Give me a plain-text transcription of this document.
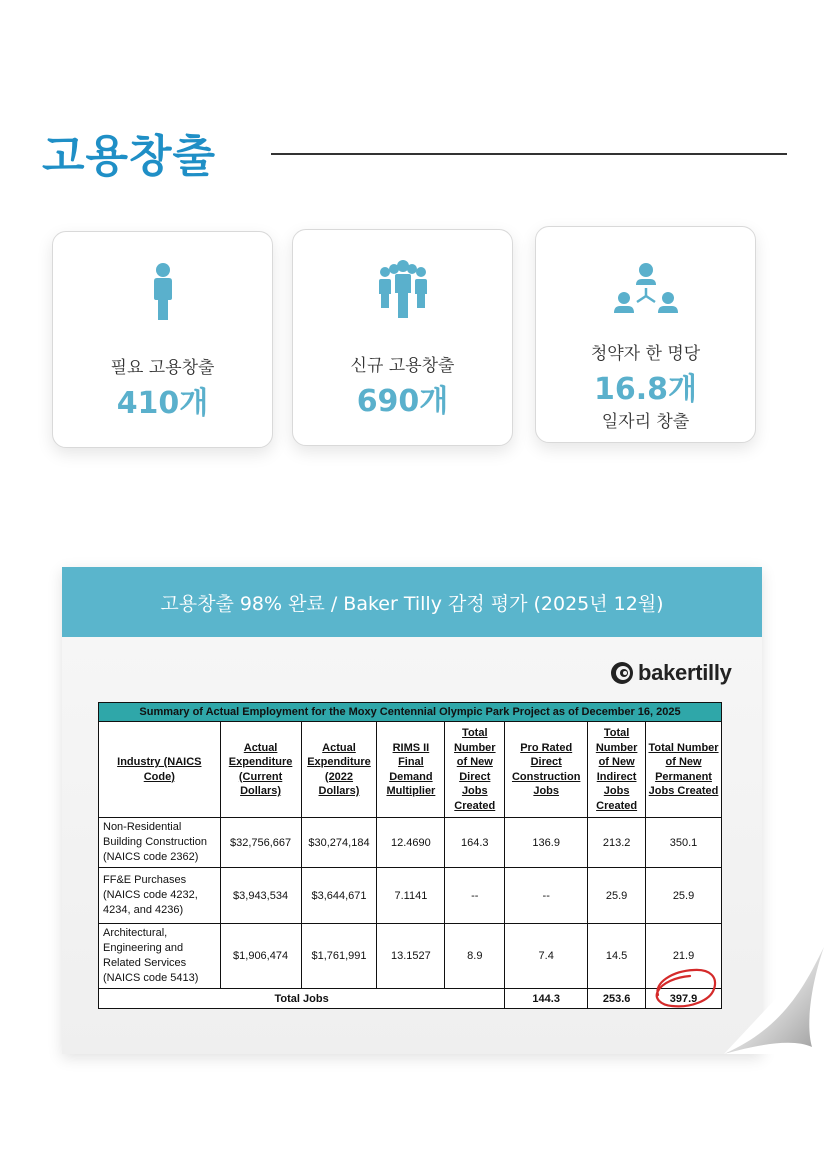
고용창출
필요 고용창출
410개
신규 고용창출
690개
청약자 한 명당
16.8개
일자리 창출
고용창출 98% 완료 / Baker Tilly 감정 평가 (2025년 12월)
bakertilly
Summary of Actual Employment for the Moxy Centennial Olympic Park Project as of December 16, 2025							
Industry (NAICS Code)	Actual Expenditure (Current Dollars)	Actual Expenditure (2022 Dollars)	RIMS II Final Demand Multiplier	Total Number of New Direct Jobs Created	Pro Rated Direct Construction Jobs	Total Number of New Indirect Jobs Created	Total Number of New Permanent Jobs Created
Non-Residential Building Construction (NAICS code 2362)	$32,756,667	$30,274,184	12.4690	164.3	136.9	213.2	350.1
FF&E Purchases (NAICS code 4232, 4234, and 4236)	$3,943,534	$3,644,671	7.1141	--	--	25.9	25.9
Architectural, Engineering and Related Services (NAICS code 5413)	$1,906,474	$1,761,991	13.1527	8.9	7.4	14.5	21.9
Total Jobs					144.3	253.6	397.9
